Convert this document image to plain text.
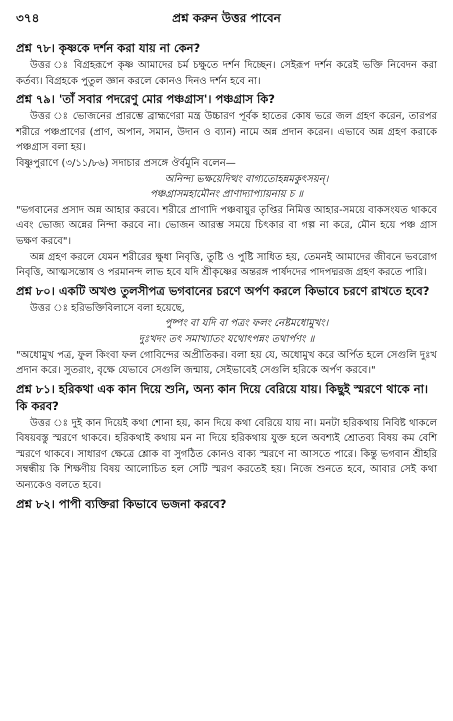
৩৭৪	প্রশ্ন করুন উত্তর পাবেন

প্রশ্ন ৭৮। কৃষ্ণকে দর্শন করা যায় না কেন?

উত্তর ঃ বিগ্রহরূপে কৃষ্ণ আমাদের চর্ম চক্ষুতে দর্শন দিচ্ছেন। সেইরূপ দর্শন করেই ভক্তি নিবেদন করা কর্তব্য। বিগ্রহকে পুতুল জ্ঞান করলে কোনও দিনও দর্শন হবে না।

প্রশ্ন ৭৯। 'তাঁ সবার পদরেণু মোর পঞ্চগ্রাস'। পঞ্চগ্রাস কি?

উত্তর ঃ ভোজনের প্রারম্ভে ব্রাহ্মণেরা মন্ত্র উচ্চারণ পূর্বক হাতের কোষ ভরে জল গ্রহণ করেন, তারপর শরীরে পঞ্চপ্রাণের (প্রাণ, অপান, সমান, উদান ও ব্যান) নামে অন্ন প্রদান করেন। এভাবে অন্ন গ্রহণ করাকে পঞ্চগ্রাস বলা হয়।

বিষ্ণুপুরাণে (৩/১১/৮৬) সদাচার প্রসঙ্গে ঔর্বমুনি বলেন—

অনিন্দ্য ভক্ষয়েদিত্থং বাগ্যতোহন্নমকুৎসয়ন্।

পঞ্চগ্রাসমহামৌনং প্রাণাদ্যাপ্যায়নায় চ ॥

"ভগবানের প্রসাদ অন্ন আহার করবে। শরীরে প্রাণাদি পঞ্চবায়ুর তৃপ্তির নিমিত্ত আহার-সময়ে বাকসংযত থাকবে এবং ভোজ্য অন্নের নিন্দা করবে না। ভোজন আরম্ভ সময়ে চিৎকার বা গল্প না করে, মৌন হয়ে পঞ্চ গ্রাস ভক্ষণ করবে"।

অন্ন গ্রহণ করলে যেমন শরীরের ক্ষুধা নিবৃত্তি, তুষ্টি ও পুষ্টি সাধিত হয়, তেমনই আমাদের জীবনে ভবরোগ নিবৃত্তি, আত্মসন্তোষ ও পরমানন্দ লাভ হবে যদি শ্রীকৃষ্ণের অন্তরঙ্গ পার্ষদদের পাদপদ্মরজ গ্রহণ করতে পারি।

প্রশ্ন ৮০। একটি অখণ্ড তুলসীপত্র ভগবানের চরণে অর্পণ করলে কিভাবে চরণে রাখতে হবে?

উত্তর ঃ হরিভক্তিবিলাসে বলা হয়েছে,

পুষ্পং বা যদি বা পত্রং ফলং নেষ্টমধোমুখং।

দুঃখদং তৎ সমাখ্যাতং যথোৎপন্নং তথার্পণং ॥

"অধোমুখ পত্র, ফুল কিংবা ফল গোবিন্দের অপ্রীতিকর। বলা হয় যে, অধোমুখ করে অর্পিত হলে সেগুলি দুঃখ প্রদান করে। সুতরাং, বৃক্ষে যেভাবে সেগুলি জন্মায়, সেইভাবেই সেগুলি হরিকে অর্পণ করবে।"

প্রশ্ন ৮১। হরিকথা এক কান দিয়ে শুনি, অন্য কান দিয়ে বেরিয়ে যায়। কিছুই স্মরণে থাকে না। কি করব?

উত্তর ঃ দুই কান দিয়েই কথা শোনা হয়, কান দিয়ে কথা বেরিয়ে যায় না। মনটা হরিকথায় নিবিষ্ট থাকলে বিষয়বস্তু স্মরণে থাকবে। হরিকথাই কথায় মন না দিয়ে হরিকথায় যুক্ত হলে অবশ্যই শ্রোতব্য বিষয় কম বেশি স্মরণে থাকবে। সাধারণ ক্ষেত্রে শ্লোক বা সুগঠিত কোনও বাক্য স্মরণে না আসতে পারে। কিন্তু ভগবান শ্রীহরি সম্বন্ধীয় কি শিক্ষণীয় বিষয় আলোচিত হল সেটি স্মরণ করতেই হয়। নিজে শুনতে হবে, আবার সেই কথা অন্যকেও বলতে হবে।

প্রশ্ন ৮২। পাপী ব্যক্তিরা কিভাবে ভজনা করবে?
